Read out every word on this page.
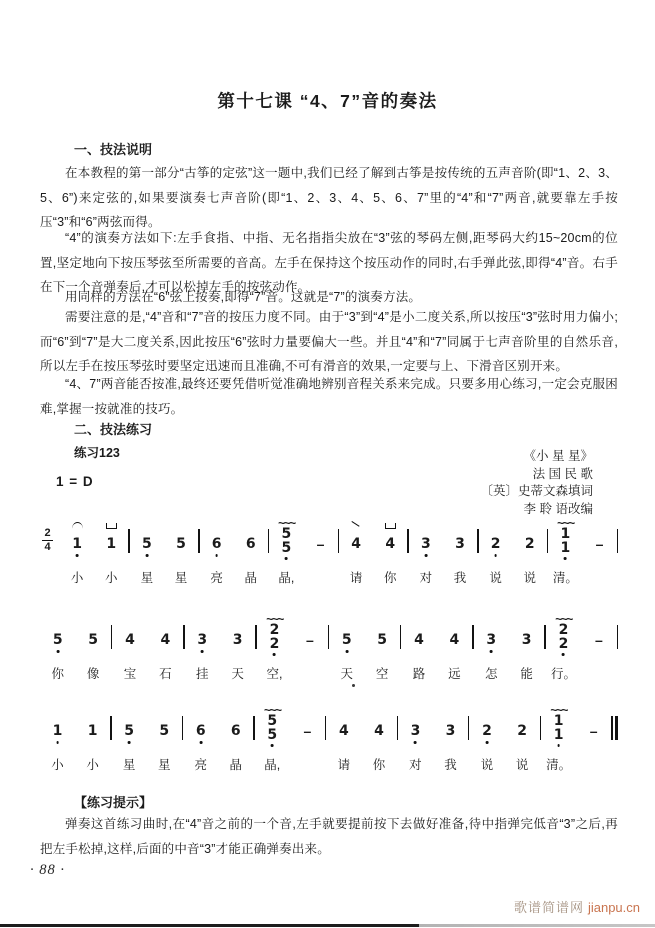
第十七课 “4、7”音的奏法
一、技法说明
在本教程的第一部分“古筝的定弦”这一题中,我们已经了解到古筝是按传统的五声音阶(即“1、2、3、5、6”)来定弦的,如果要演奏七声音阶(即“1、2、3、4、5、6、7”里的“4”和“7”两音,就要靠左手按压“3”和“6”两弦而得。
“4”的演奏方法如下:左手食指、中指、无名指指尖放在“3”弦的琴码左侧,距琴码大约15~20cm的位置,坚定地向下按压琴弦至所需要的音高。左手在保持这个按压动作的同时,右手弹此弦,即得“4”音。右手在下一个音弹奏后,才可以松掉左手的按弦动作。
用同样的方法在“6”弦上按奏,即得“7”音。这就是“7”的演奏方法。
需要注意的是,“4”音和“7”音的按压力度不同。由于“3”到“4”是小二度关系,所以按压“3”弦时用力偏小;而“6”到“7”是大二度关系,因此按压“6”弦时力量要偏大一些。并且“4”和“7”同属于七声音阶里的自然乐音,所以左手在按压琴弦时要坚定迅速而且准确,不可有滑音的效果,一定要与上、下滑音区别开来。
“4、7”两音能否按准,最终还要凭借听觉准确地辨别音程关系来完成。只要多用心练习,一定会克服困难,掌握一按就准的技巧。
二、技法练习
练习123	《小 星 星》
法 国 民 歌
〔英〕史蒂文森填词
李 聆 语改编
1 = D
2
4 1
小
1
小
5
星
5
星
6
亮
6
晶
~~~
5
5
晶,
– 4
请
4
你
3
对
3
我
2
说
2
说
~~~
1
1
清。
–
5
你
5
像
4
宝
4
石
3
挂
3
天
~~~
2
2
空,
– 5
天
5
空
4
路
4
远
3
怎
3
能
~~~
2
2
行。
–
1
小
1
小
5
星
5
星
6
亮
6
晶
~~~
5
5
晶,
– 4
请
4
你
3
对
3
我
2
说
2
说
~~~
1
1
清。
–
【练习提示】
弹奏这首练习曲时,在“4”音之前的一个音,左手就要提前按下去做好准备,待中指弹完低音“3”之后,再把左手松掉,这样,后面的中音“3”才能正确弹奏出来。
· 88 ·
歌谱简谱网 jianpu.cn
